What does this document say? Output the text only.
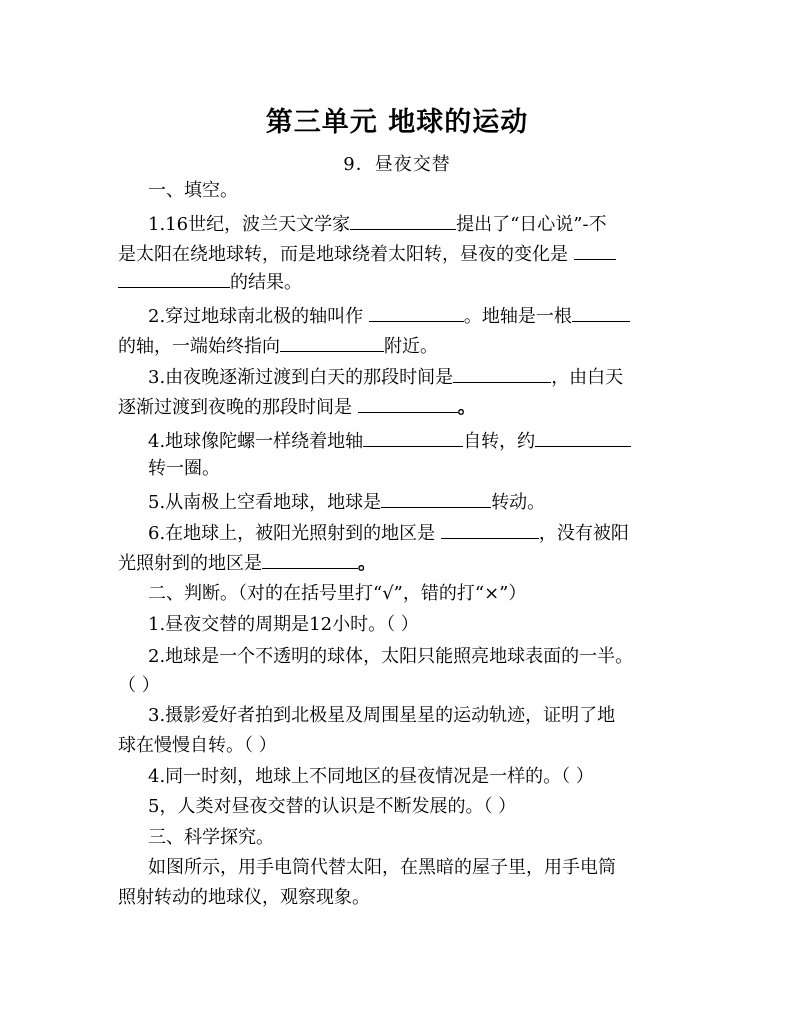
第三单元 地球的运动
9．昼夜交替
一、填空。
1.16世纪，波兰天文学家	提出了“日心说”-不
是太阳在绕地球转，而是地球绕着太阳转，昼夜的变化是
的结果。
2.穿过地球南北极的轴叫作	。地轴是一根
的轴，一端始终指向	附近。
3.由夜晚逐渐过渡到白天的那段时间是	，由白天
逐渐过渡到夜晚的那段时间是	。
4.地球像陀螺一样绕着地轴	自转，约
转一圈。
5.从南极上空看地球，地球是	转动。
6.在地球上，被阳光照射到的地区是	，没有被阳
光照射到的地区是	。
二、判断。（对的在括号里打“√”，错的打“×”）
1.昼夜交替的周期是12小时。（ ）
2.地球是一个不透明的球体，太阳只能照亮地球表面的一半。
（ ）
3.摄影爱好者拍到北极星及周围星星的运动轨迹，证明了地
球在慢慢自转。（ ）
4.同一时刻，地球上不同地区的昼夜情况是一样的。（ ）
5，人类对昼夜交替的认识是不断发展的。（ ）
三、科学探究。
如图所示，用手电筒代替太阳，在黑暗的屋子里，用手电筒
照射转动的地球仪，观察现象。
